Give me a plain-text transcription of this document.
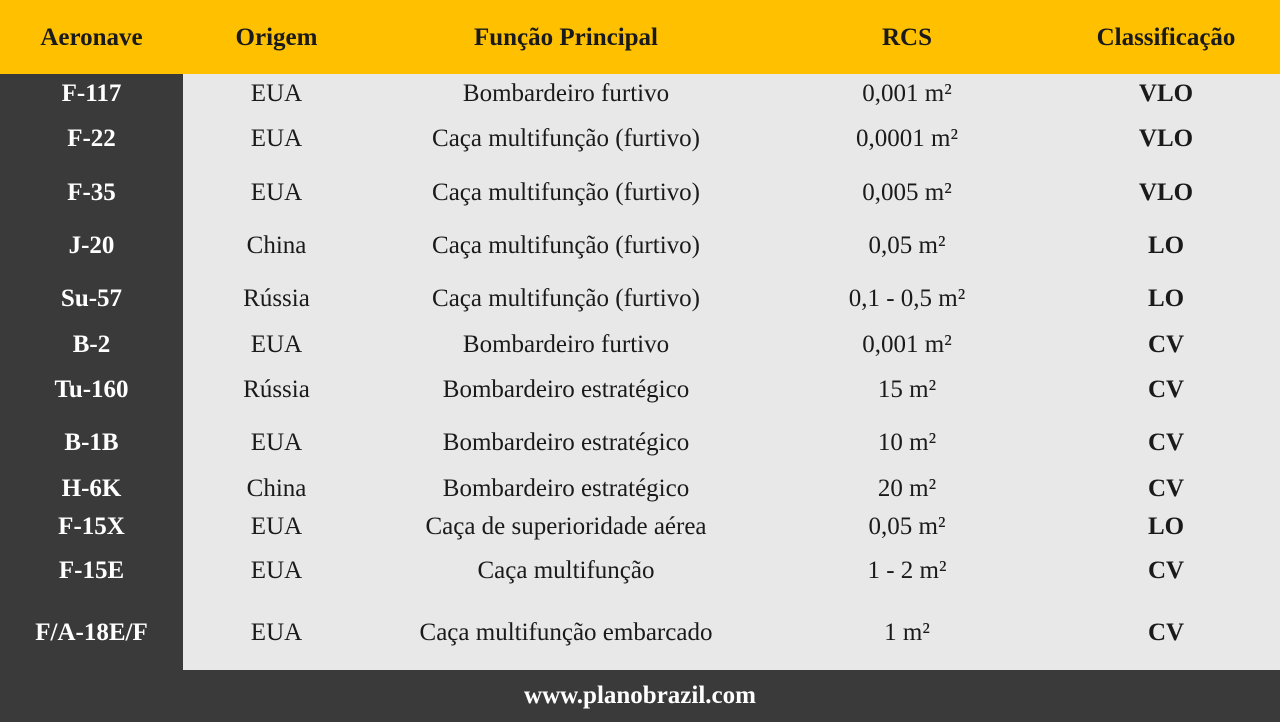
Aeronave	Origem	Função Principal	RCS	Classificação
F-117	EUA	Bombardeiro furtivo	0,001 m²	VLO
F-22	EUA	Caça multifunção (furtivo)	0,0001 m²	VLO
F-35	EUA	Caça multifunção (furtivo)	0,005 m²	VLO
J-20	China	Caça multifunção (furtivo)	0,05 m²	LO
Su-57	Rússia	Caça multifunção (furtivo)	0,1 - 0,5 m²	LO
B-2	EUA	Bombardeiro furtivo	0,001 m²	CV
Tu-160	Rússia	Bombardeiro estratégico	15 m²	CV
B-1B	EUA	Bombardeiro estratégico	10 m²	CV
H-6K	China	Bombardeiro estratégico	20 m²	CV
F-15X	EUA	Caça de superioridade aérea	0,05 m²	LO
F-15E	EUA	Caça multifunção	1 - 2 m²	CV
F/A-18E/F	EUA	Caça multifunção embarcado	1 m²	CV
www.planobrazil.com
